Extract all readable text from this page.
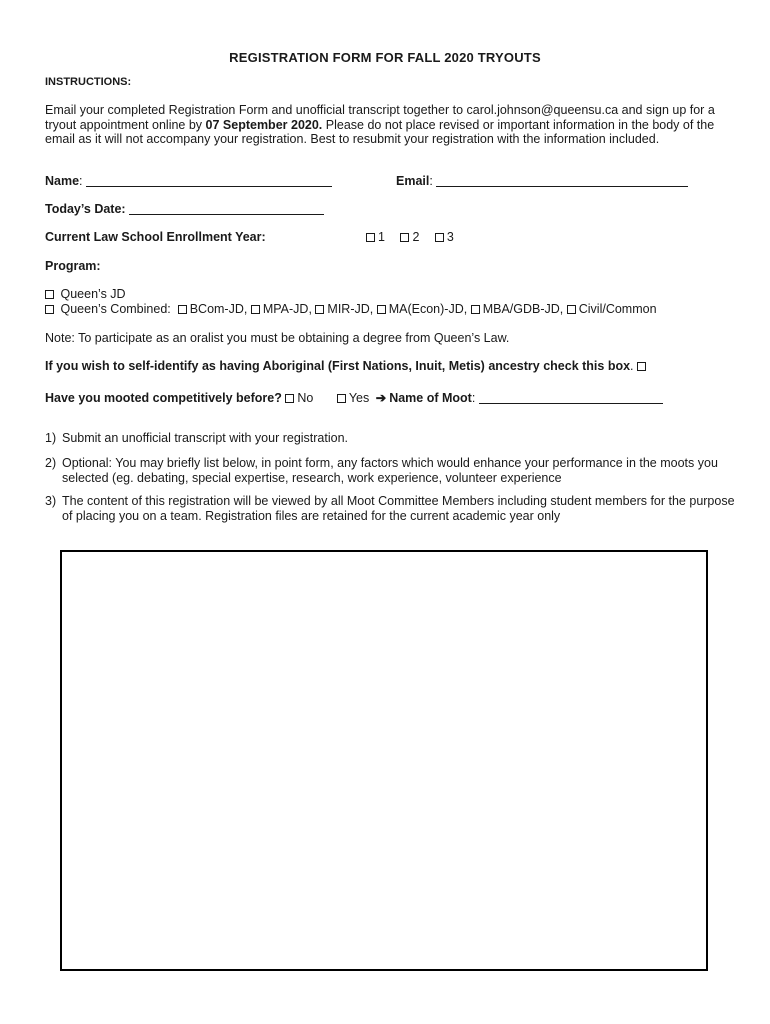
REGISTRATION FORM FOR FALL 2020 TRYOUTS
INSTRUCTIONS:
Email your completed Registration Form and unofficial transcript together to carol.johnson@queensu.ca and sign up for a tryout appointment online by 07 September 2020. Please do not place revised or important information in the body of the email as it will not accompany your registration. Best to resubmit your registration with the information included.
Name:	Email:
Today’s Date:
Current Law School Enrollment Year:	1 2 3
Program:
Queen’s JD
Queen’s Combined: BCom-JD, MPA-JD, MIR-JD, MA(Econ)-JD, MBA/GDB-JD, Civil/Common
Note: To participate as an oralist you must be obtaining a degree from Queen’s Law.
If you wish to self-identify as having Aboriginal (First Nations, Inuit, Metis) ancestry check this box.
Have you mooted competitively before? No	Yes ➔ Name of Moot:
1) Submit an unofficial transcript with your registration.
2) Optional: You may briefly list below, in point form, any factors which would enhance your performance in the moots you selected (eg. debating, special expertise, research, work experience, volunteer experience
3) The content of this registration will be viewed by all Moot Committee Members including student members for the purpose of placing you on a team. Registration files are retained for the current academic year only
